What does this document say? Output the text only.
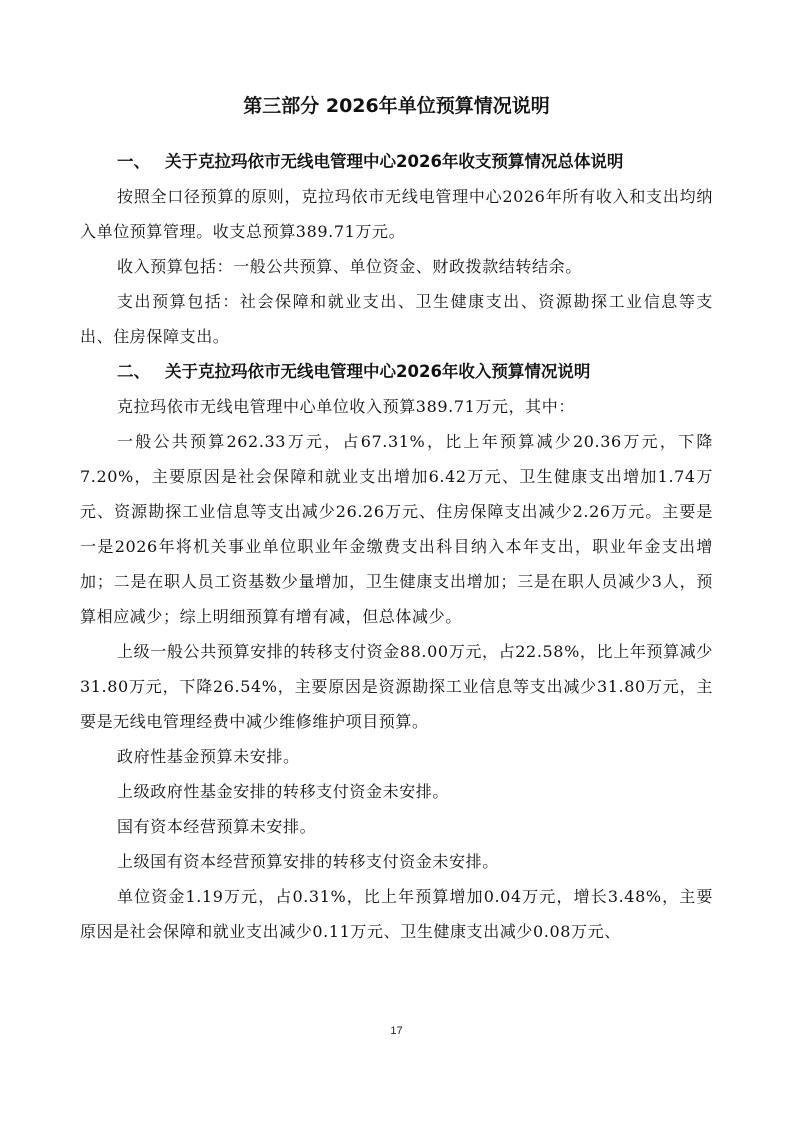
第三部分 2026年单位预算情况说明
一、 关于克拉玛依市无线电管理中心2026年收支预算情况总体说明

按照全口径预算的原则，克拉玛依市无线电管理中心2026年所有收入和支出均纳入单位预算管理。收支总预算389.71万元。

收入预算包括：一般公共预算、单位资金、财政拨款结转结余。

支出预算包括：社会保障和就业支出、卫生健康支出、资源勘探工业信息等支出、住房保障支出。

二、 关于克拉玛依市无线电管理中心2026年收入预算情况说明

克拉玛依市无线电管理中心单位收入预算389.71万元，其中：

一般公共预算262.33万元，占67.31%，比上年预算减少20.36万元，下降7.20%，主要原因是社会保障和就业支出增加6.42万元、卫生健康支出增加1.74万元、资源勘探工业信息等支出减少26.26万元、住房保障支出减少2.26万元。主要是一是2026年将机关事业单位职业年金缴费支出科目纳入本年支出，职业年金支出增加；二是在职人员工资基数少量增加，卫生健康支出增加；三是在职人员减少3人，预算相应减少；综上明细预算有增有减，但总体减少。

上级一般公共预算安排的转移支付资金88.00万元，占22.58%，比上年预算减少31.80万元，下降26.54%，主要原因是资源勘探工业信息等支出减少31.80万元，主要是无线电管理经费中减少维修维护项目预算。

政府性基金预算未安排。

上级政府性基金安排的转移支付资金未安排。

国有资本经营预算未安排。

上级国有资本经营预算安排的转移支付资金未安排。

单位资金1.19万元，占0.31%，比上年预算增加0.04万元，增长3.48%，主要原因是社会保障和就业支出减少0.11万元、卫生健康支出减少0.08万元、

17
